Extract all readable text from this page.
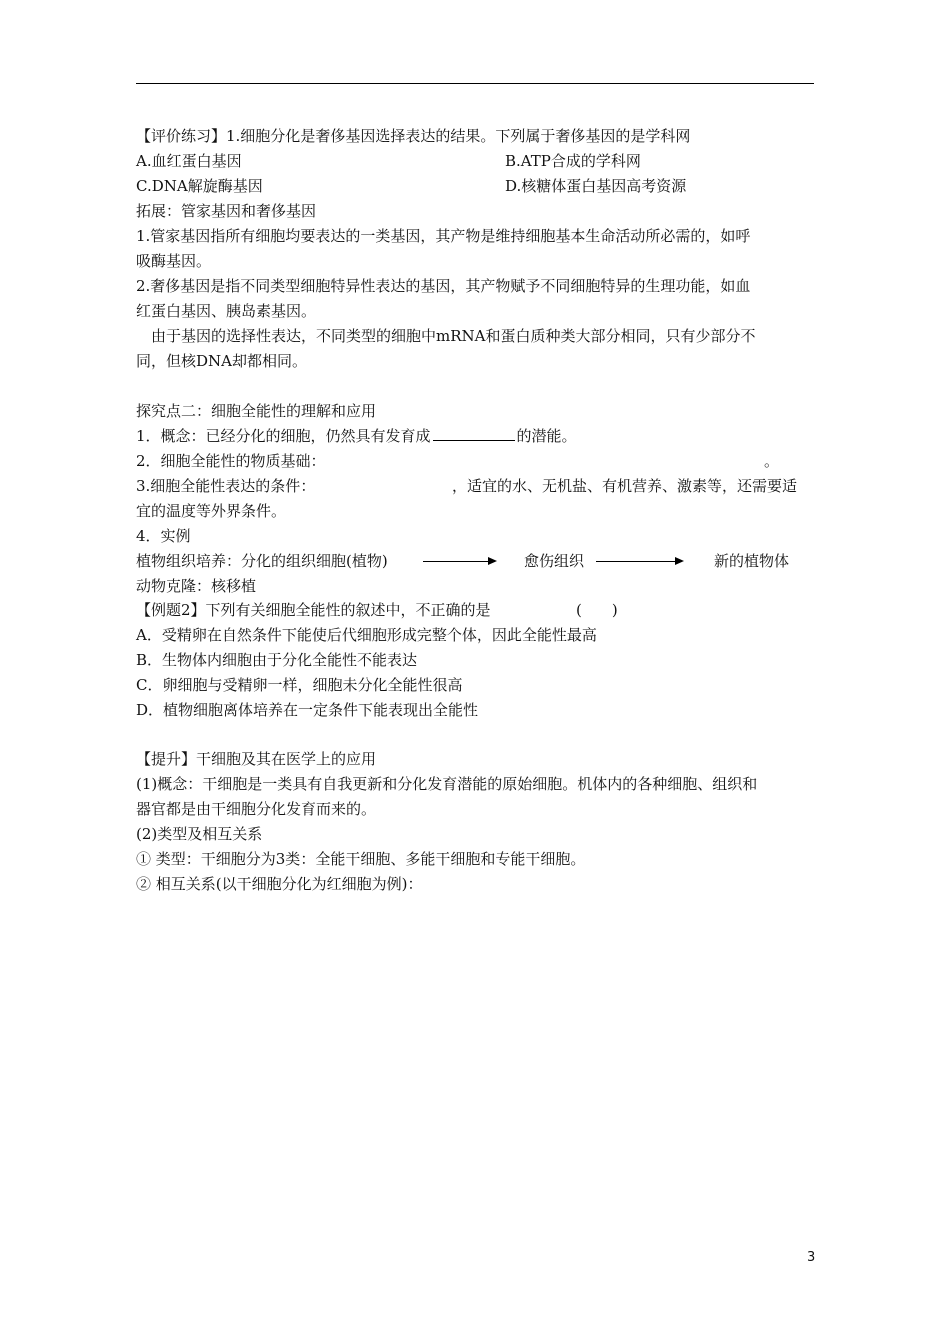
【评价练习】1.细胞分化是奢侈基因选择表达的结果。下列属于奢侈基因的是学科网
A.血红蛋白基因	B.ATP合成的学科网
C.DNA解旋酶基因	D.核糖体蛋白基因高考资源
拓展：管家基因和奢侈基因
1.管家基因指所有细胞均要表达的一类基因，其产物是维持细胞基本生命活动所必需的，如呼
吸酶基因。
2.奢侈基因是指不同类型细胞特异性表达的基因，其产物赋予不同细胞特异的生理功能，如血
红蛋白基因、胰岛素基因。
由于基因的选择性表达，不同类型的细胞中mRNA和蛋白质种类大部分相同，只有少部分不
同，但核DNA却都相同。
探究点二：细胞全能性的理解和应用
1．概念：已经分化的细胞，仍然具有发育成	的潜能。
2．细胞全能性的物质基础：	。
3.细胞全能性表达的条件：	，适宜的水、无机盐、有机营养、激素等，还需要适
宜的温度等外界条件。
4．实例
植物组织培养：分化的组织细胞(植物)	愈伤组织	新的植物体
动物克隆：核移植
【例题2】下列有关细胞全能性的叙述中，不正确的是	(　　)
A．受精卵在自然条件下能使后代细胞形成完整个体，因此全能性最高
B．生物体内细胞由于分化全能性不能表达
C．卵细胞与受精卵一样，细胞未分化全能性很高
D．植物细胞离体培养在一定条件下能表现出全能性
【提升】干细胞及其在医学上的应用
(1)概念：干细胞是一类具有自我更新和分化发育潜能的原始细胞。机体内的各种细胞、组织和
器官都是由干细胞分化发育而来的。
(2)类型及相互关系
① 类型：干细胞分为3类：全能干细胞、多能干细胞和专能干细胞。
② 相互关系(以干细胞分化为红细胞为例)：
3
